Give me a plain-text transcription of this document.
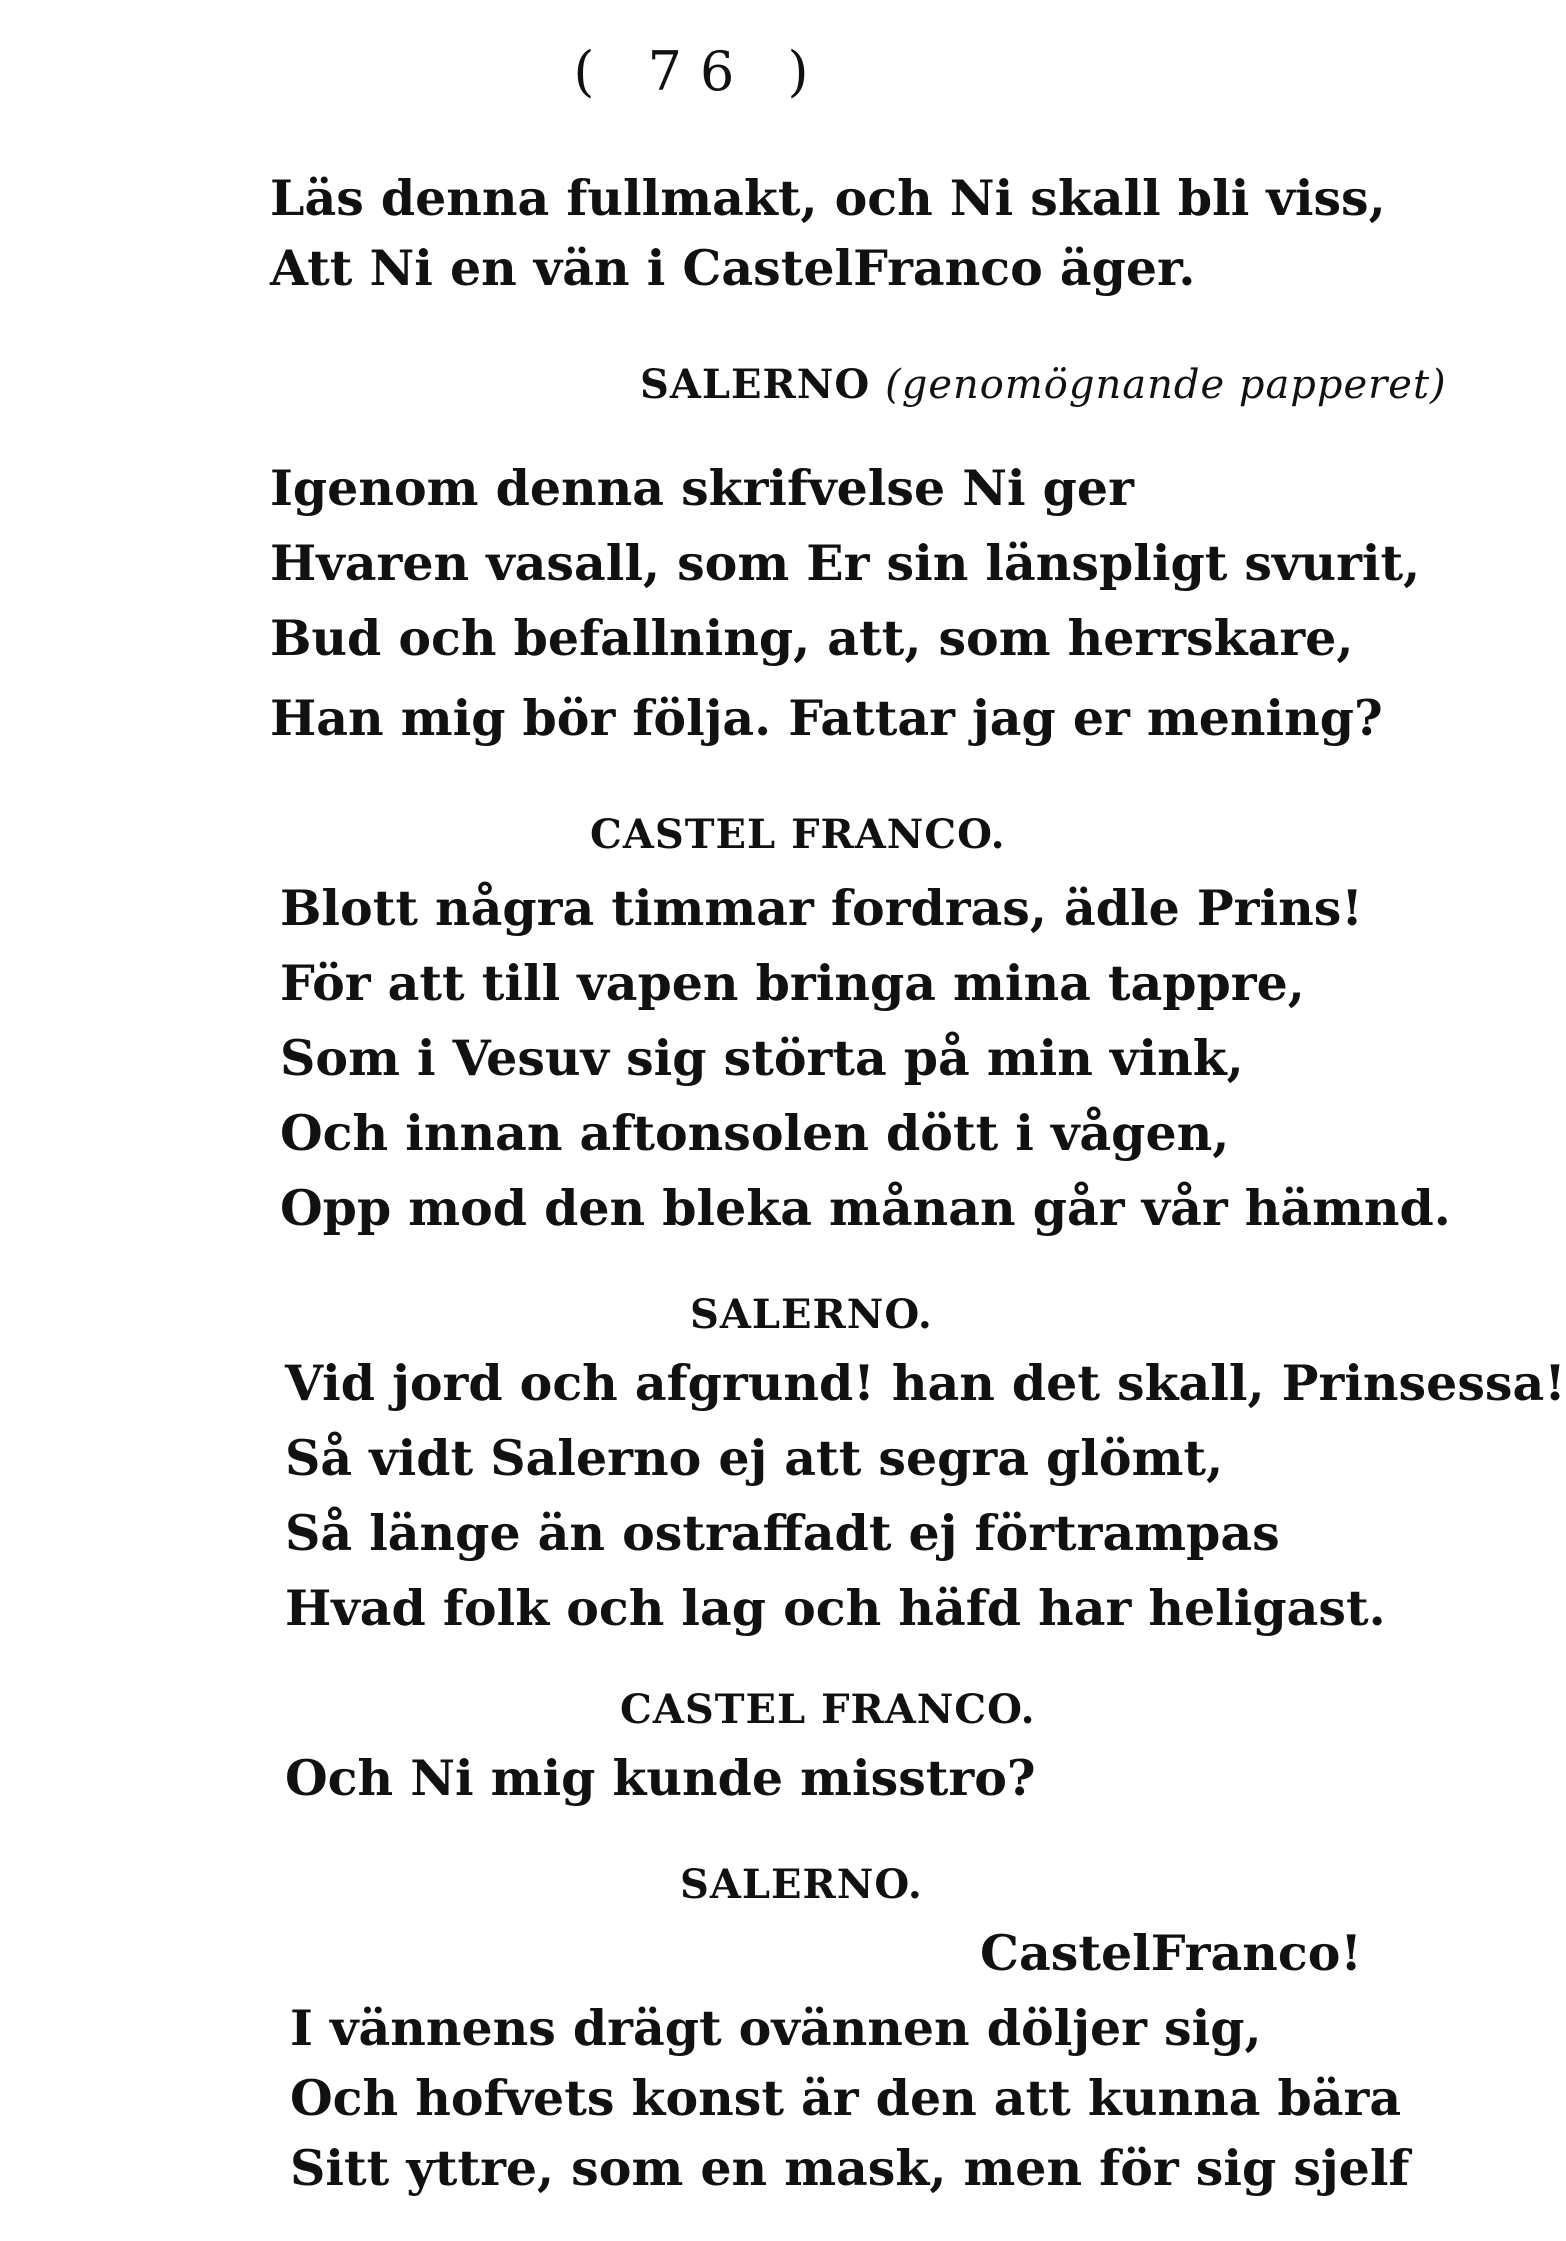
( 76 )
Läs denna fullmakt, och Ni skall bli viss,
Att Ni en vän i CastelFranco äger.
SALERNO (genomögnande papperet)
Igenom denna skrifvelse Ni ger
Hvaren vasall, som Er sin länspligt svurit,
Bud och befallning, att, som herrskare,
Han mig bör följa. Fattar jag er mening?
CASTEL FRANCO.
Blott några timmar fordras, ädle Prins!
För att till vapen bringa mina tappre,
Som i Vesuv sig störta på min vink,
Och innan aftonsolen dött i vågen,
Opp mod den bleka månan går vår hämnd.
SALERNO.
Vid jord och afgrund! han det skall, Prinsessa!
Så vidt Salerno ej att segra glömt,
Så länge än ostraffadt ej förtrampas
Hvad folk och lag och häfd har heligast.
CASTEL FRANCO.
Och Ni mig kunde misstro?
SALERNO.
CastelFranco!
I vännens drägt ovännen döljer sig,
Och hofvets konst är den att kunna bära
Sitt yttre, som en mask, men för sig sjelf
